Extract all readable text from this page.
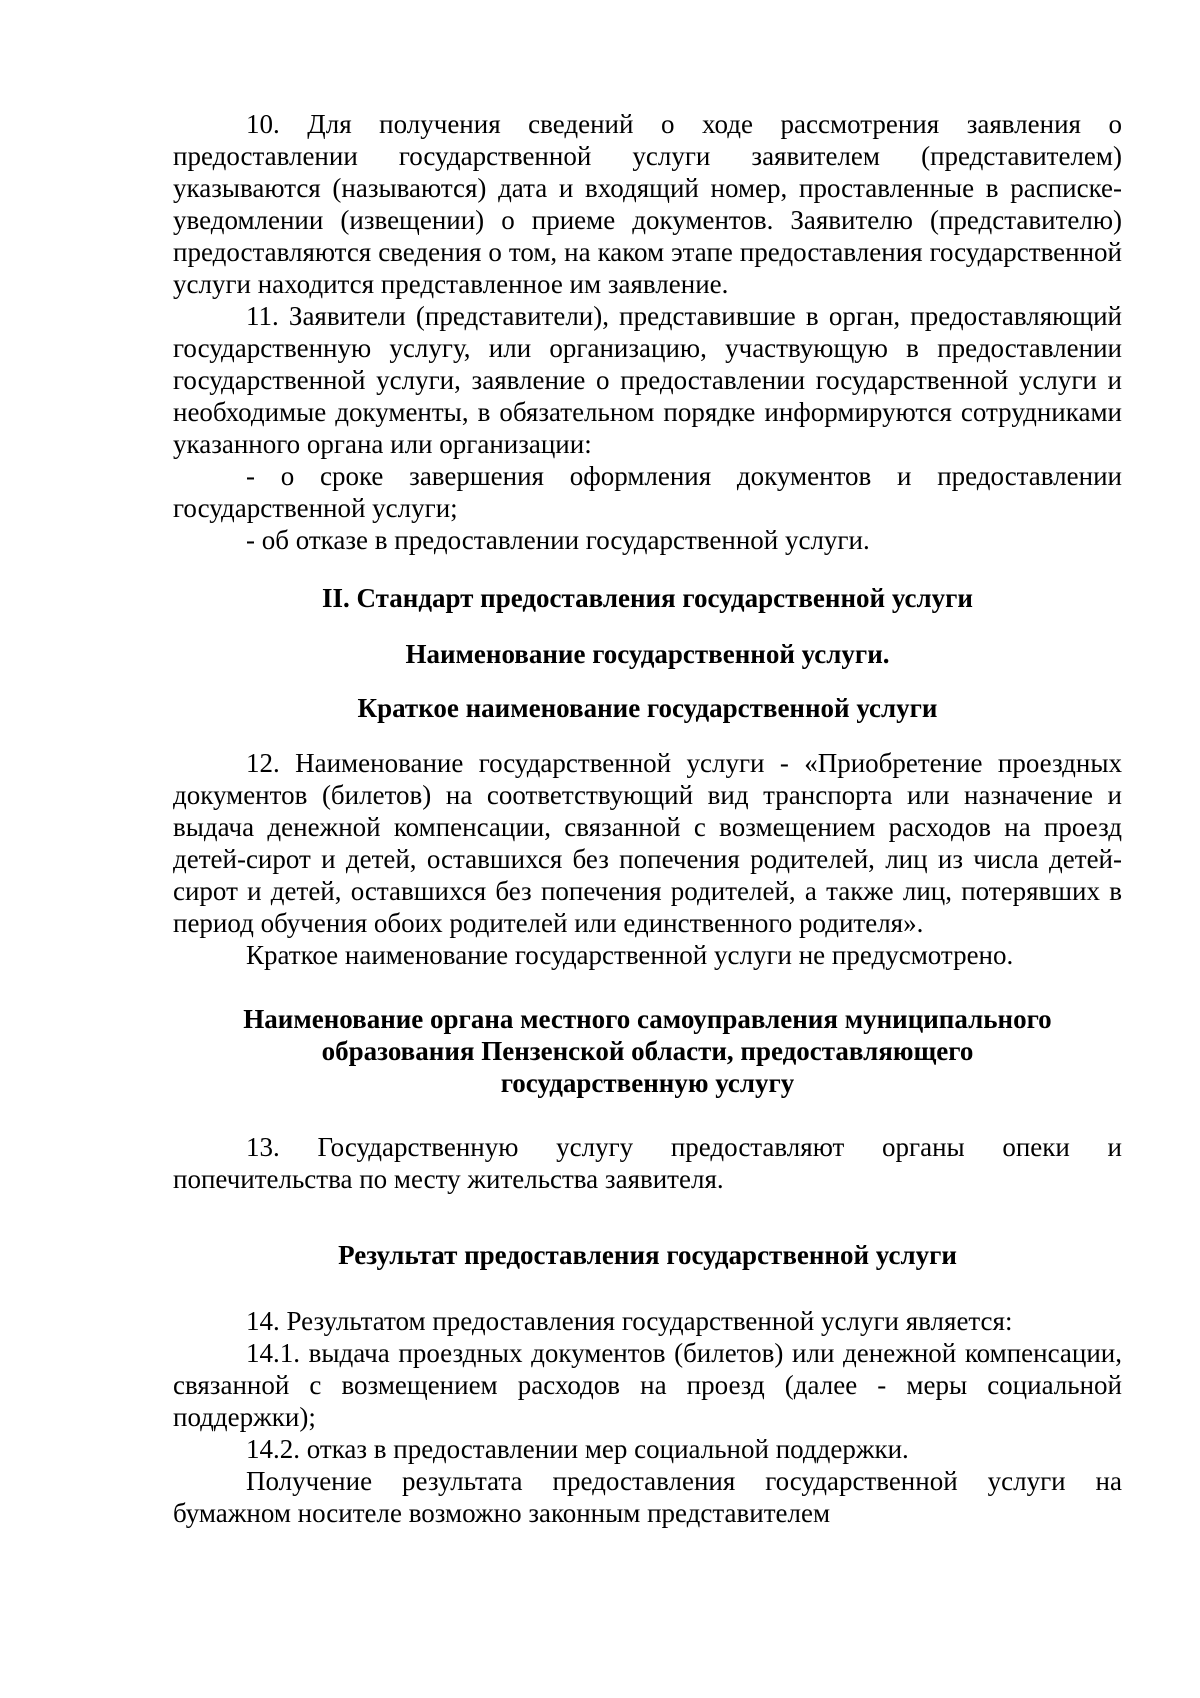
10. Для получения сведений о ходе рассмотрения заявления о предоставлении государственной услуги заявителем (представителем) указываются (называются) дата и входящий номер, проставленные в расписке-уведомлении (извещении) о приеме документов. Заявителю (представителю) предоставляются сведения о том, на каком этапе предоставления государственной услуги находится представленное им заявление.

11. Заявители (представители), представившие в орган, предоставляющий государственную услугу, или организацию, участвующую в предоставлении государственной услуги, заявление о предоставлении государственной услуги и необходимые документы, в обязательном порядке информируются сотрудниками указанного органа или организации:

- о сроке завершения оформления документов и предоставлении государственной услуги;

- об отказе в предоставлении государственной услуги.

II. Стандарт предоставления государственной услуги

Наименование государственной услуги.

Краткое наименование государственной услуги

12. Наименование государственной услуги - «Приобретение проездных документов (билетов) на соответствующий вид транспорта или назначение и выдача денежной компенсации, связанной с возмещением расходов на проезд детей-сирот и детей, оставшихся без попечения родителей, лиц из числа детей-сирот и детей, оставшихся без попечения родителей, а также лиц, потерявших в период обучения обоих родителей или единственного родителя».

Краткое наименование государственной услуги не предусмотрено.

Наименование органа местного самоуправления муниципального

образования Пензенской области, предоставляющего

государственную услугу

13. Государственную услугу предоставляют органы опеки и попечительства по месту жительства заявителя.

Результат предоставления государственной услуги

14. Результатом предоставления государственной услуги является:

14.1. выдача проездных документов (билетов) или денежной компенсации, связанной с возмещением расходов на проезд (далее - меры социальной поддержки);

14.2. отказ в предоставлении мер социальной поддержки.

Получение результата предоставления государственной услуги на бумажном носителе возможно законным представителем
